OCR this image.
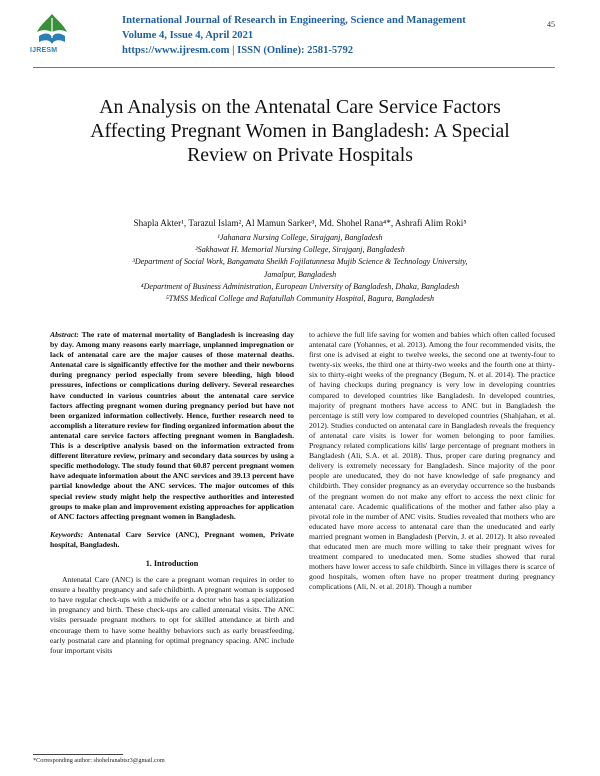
IJRESM
International Journal of Research in Engineering, Science and Management
Volume 4, Issue 4, April 2021
https://www.ijresm.com | ISSN (Online): 2581-5792
45
An Analysis on the Antenatal Care Service Factors Affecting Pregnant Women in Bangladesh: A Special Review on Private Hospitals
Shapla Akter¹, Tarazul Islam², Al Mamun Sarker³, Md. Shohel Rana⁴*, Ashrafi Alim Roki⁵
¹Jahanara Nursing College, Sirajganj, Bangladesh
²Sakhawat H. Memorial Nursing College, Sirajganj, Bangladesh
³Department of Social Work, Bangamata Sheikh Fojilatunnesa Mujib Science & Technology University,
Jamalpur, Bangladesh
⁴Department of Business Administration, European University of Bangladesh, Dhaka, Bangladesh
⁵TMSS Medical College and Rafatullah Community Hospital, Bagura, Bangladesh
Abstract: The rate of maternal mortality of Bangladesh is increasing day by day. Among many reasons early marriage, unplanned impregnation or lack of antenatal care are the major causes of those maternal deaths. Antenatal care is significantly effective for the mother and their newborns during pregnancy period especially from severe bleeding, high blood pressures, infections or complications during delivery. Several researches have conducted in various countries about the antenatal care service factors affecting pregnant women during pregnancy period but have not been organized information collectively. Hence, further research need to accomplish a literature review for finding organized information about the antenatal care service factors affecting pregnant women in Bangladesh. This is a descriptive analysis based on the information extracted from different literature review, primary and secondary data sources by using a specific methodology. The study found that 60.87 percent pregnant women have adequate information about the ANC services and 39.13 percent have partial knowledge about the ANC services. The major outcomes of this special review study might help the respective authorities and interested groups to make plan and improvement existing approaches for application of ANC factors affecting pregnant women in Bangladesh.
Keywords: Antenatal Care Service (ANC), Pregnant women, Private hospital, Bangladesh.
1. Introduction

Antenatal Care (ANC) is the care a pregnant woman requires in order to ensure a healthy pregnancy and safe childbirth. A pregnant woman is supposed to have regular check-ups with a midwife or a doctor who has a specialization in pregnancy and birth. These check-ups are called antenatal visits. The ANC visits persuade pregnant mothers to opt for skilled attendance at birth and encourage them to have some healthy behaviors such as early breastfeeding, early postnatal care and planning for optimal pregnancy spacing. ANC include four important visits

to achieve the full life saving for women and babies which often called focused antenatal care (Yohannes, et al. 2013). Among the four recommended visits, the first one is advised at eight to twelve weeks, the second one at twenty-four to twenty-six weeks, the third one at thirty-two weeks and the fourth one at thirty-six to thirty-eight weeks of the pregnancy (Begum, N. et al. 2014). The practice of having checkups during pregnancy is very low in developing countries compared to developed countries like Bangladesh. In developed countries, majority of pregnant mothers have access to ANC but in Bangladesh the percentage is still very low compared to developed countries (Shahjahan, et al. 2012). Studies conducted on antenatal care in Bangladesh reveals the frequency of antenatal care visits is lower for women belonging to poor families. Pregnancy related complications kills' large percentage of pregnant mothers in Bangladesh (Ali, S.A. et al. 2018). Thus, proper care during pregnancy and delivery is extremely necessary for Bangladesh. Since majority of the poor people are uneducated, they do not have knowledge of safe pregnancy and childbirth. They consider pregnancy as an everyday occurrence so the husbands of the pregnant women do not make any effort to access the next clinic for antenatal care. Academic qualifications of the mother and father also play a pivotal role in the number of ANC visits. Studies revealed that mothers who are educated have more access to antenatal care than the uneducated and early married pregnant women in Bangladesh (Pervin, J. et al. 2012). It also revealed that educated men are much more willing to take their pregnant wives for treatment compared to uneducated men. Some studies showed that rural mothers have lower access to safe childbirth. Since in villages there is scarce of good hospitals, women often have no proper treatment during pregnancy complications (Ali, N. et al. 2018). Though a number

*Corresponding author: shohelranabtsr3@gmail.com
